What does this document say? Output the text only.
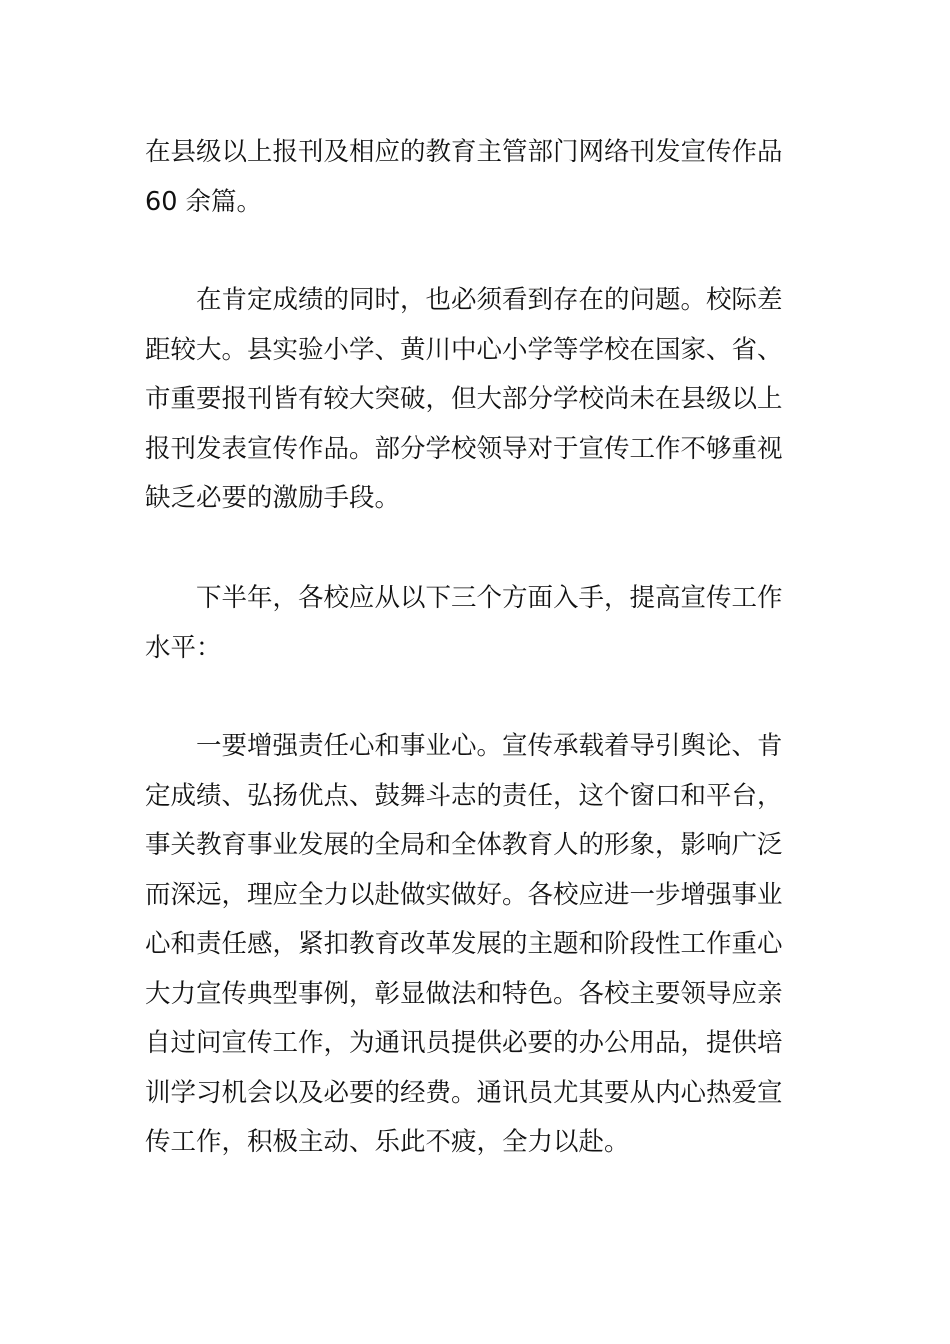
在县级以上报刊及相应的教育主管部门网络刊发宣传作品
60 余篇。
在肯定成绩的同时，也必须看到存在的问题。校际差
距较大。县实验小学、黄川中心小学等学校在国家、省、
市重要报刊皆有较大突破，但大部分学校尚未在县级以上
报刊发表宣传作品。部分学校领导对于宣传工作不够重视
缺乏必要的激励手段。
下半年，各校应从以下三个方面入手，提高宣传工作
水平：
一要增强责任心和事业心。宣传承载着导引舆论、肯
定成绩、弘扬优点、鼓舞斗志的责任，这个窗口和平台，
事关教育事业发展的全局和全体教育人的形象，影响广泛
而深远，理应全力以赴做实做好。各校应进一步增强事业
心和责任感，紧扣教育改革发展的主题和阶段性工作重心
大力宣传典型事例，彰显做法和特色。各校主要领导应亲
自过问宣传工作，为通讯员提供必要的办公用品，提供培
训学习机会以及必要的经费。通讯员尤其要从内心热爱宣
传工作，积极主动、乐此不疲，全力以赴。
